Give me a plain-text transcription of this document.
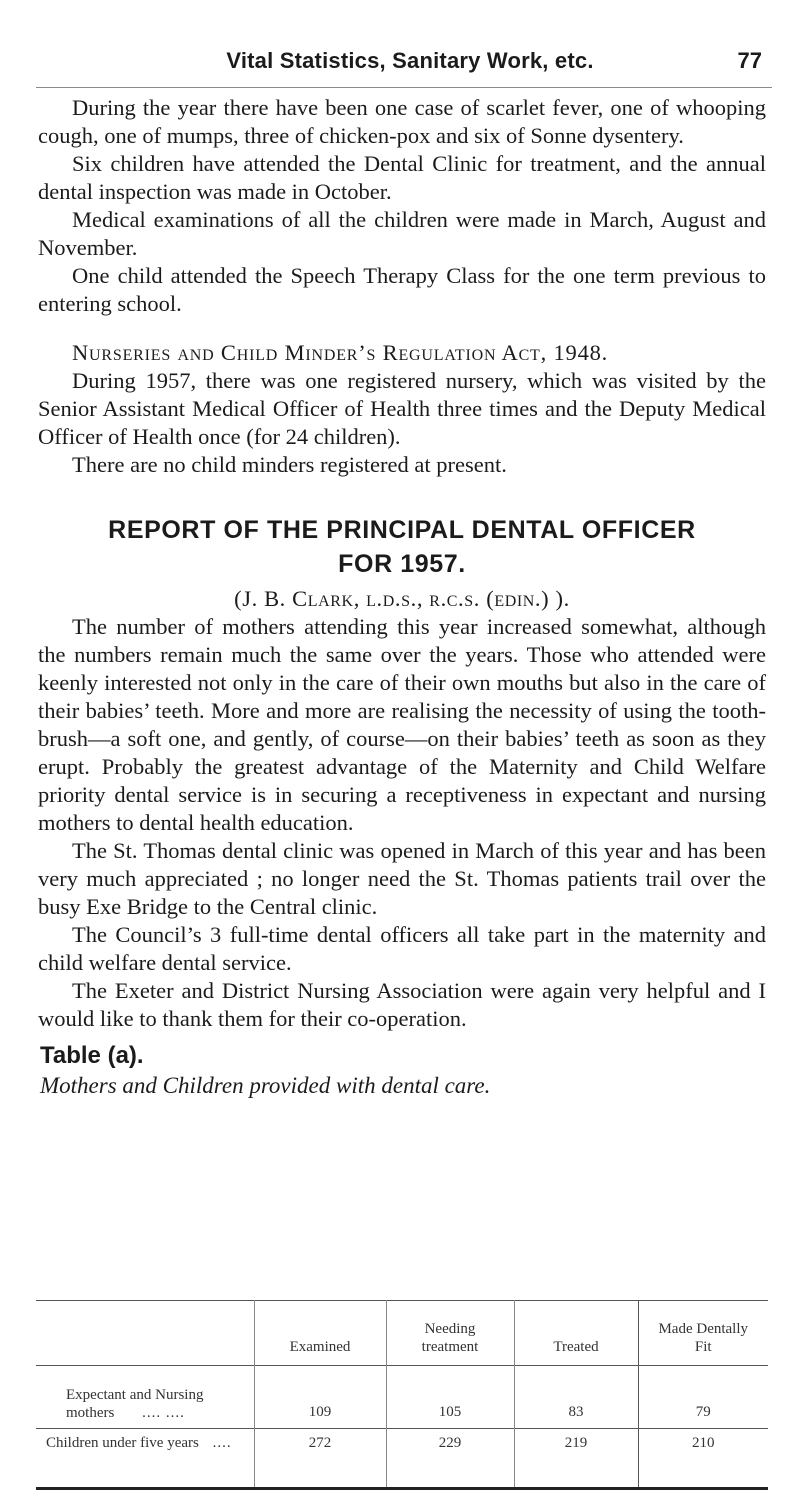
Vital Statistics, Sanitary Work, etc.	77

During the year there have been one case of scarlet fever, one of whooping cough, one of mumps, three of chicken-pox and six of Sonne dysentery.

Six children have attended the Dental Clinic for treatment, and the annual dental inspection was made in October.

Medical examinations of all the children were made in March, August and November.

One child attended the Speech Therapy Class for the one term previous to entering school.

Nurseries and Child Minder’s Regulation Act, 1948.

During 1957, there was one registered nursery, which was visited by the Senior Assistant Medical Officer of Health three times and the Deputy Medical Officer of Health once (for 24 children).

There are no child minders registered at present.

REPORT OF THE PRINCIPAL DENTAL OFFICER
FOR 1957.
(J. B. Clark, l.d.s., r.c.s. (edin.) ).

The number of mothers attending this year increased somewhat, although the numbers remain much the same over the years. Those who attended were keenly interested not only in the care of their own mouths but also in the care of their babies’ teeth. More and more are realising the necessity of using the tooth-brush—a soft one, and gently, of course—on their babies’ teeth as soon as they erupt. Probably the greatest advantage of the Maternity and Child Welfare priority dental service is in securing a receptiveness in expectant and nursing mothers to dental health education.

The St. Thomas dental clinic was opened in March of this year and has been very much appreciated ; no longer need the St. Thomas patients trail over the busy Exe Bridge to the Central clinic.

The Council’s 3 full-time dental officers all take part in the maternity and child welfare dental service.

The Exeter and District Nursing Association were again very helpful and I would like to thank them for their co-operation.

Table (a).
Mothers and Children provided with dental care.
	Examined	Needing treatment	Treated	Made Dentally Fit
Expectant and Nursing mothers .... ....	109	105	83	79
Children under five years ....	272	229	219	210
